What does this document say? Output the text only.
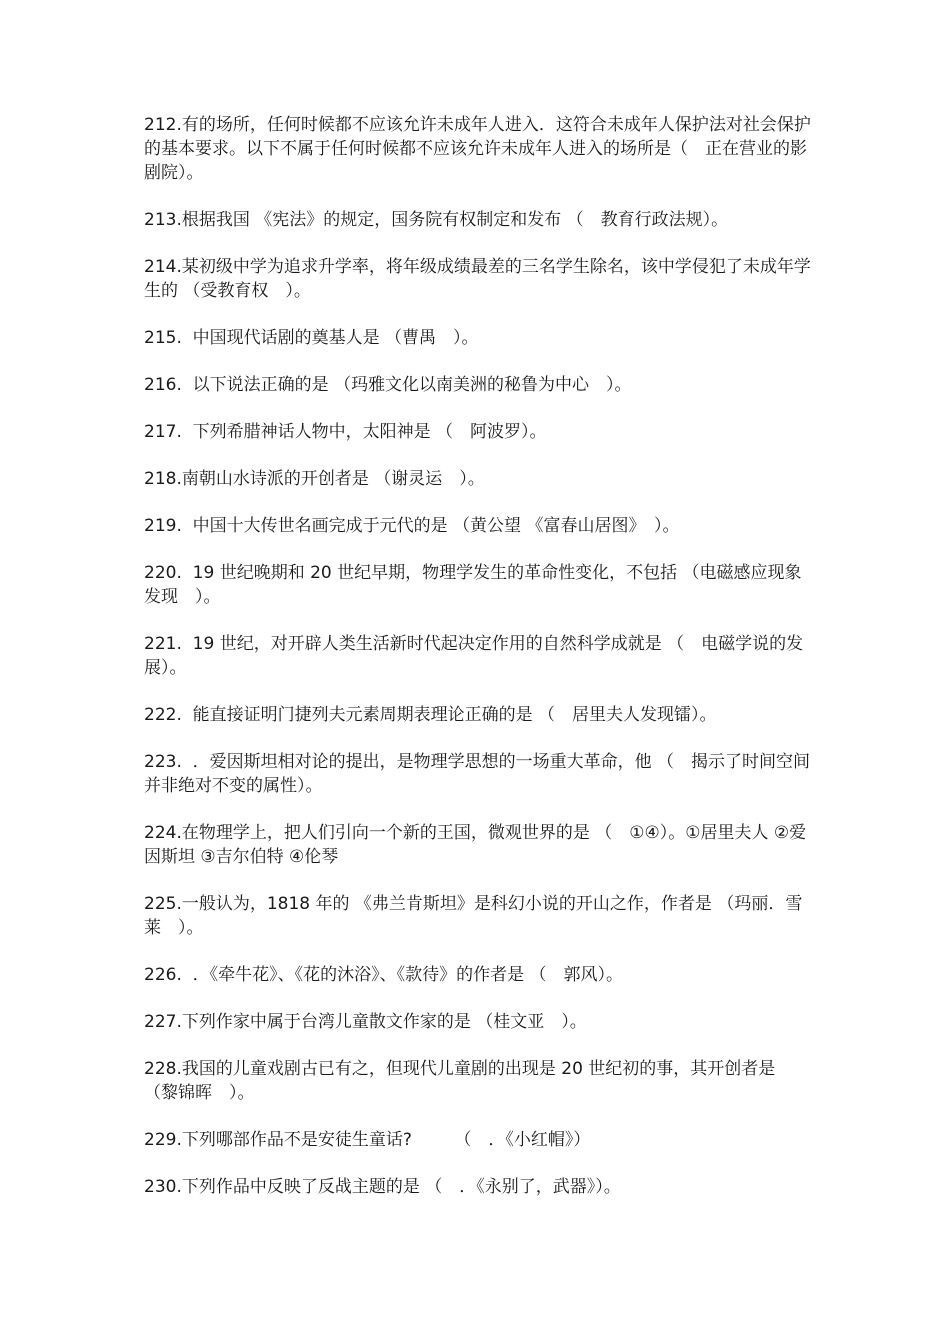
212.有的场所，任何时候都不应该允许未成年人进入．这符合未成年人保护法对社会保护的基本要求。以下不属于任何时候都不应该允许未成年人进入的场所是（　正在营业的影剧院）。

213.根据我国 《宪法》的规定，国务院有权制定和发布 （　教育行政法规）。

214.某初级中学为追求升学率，将年级成绩最差的三名学生除名，该中学侵犯了未成年学生的 （受教育权　）。

215.  中国现代话剧的奠基人是 （曹禺　）。

216.  以下说法正确的是 （玛雅文化以南美洲的秘鲁为中心　）。

217.  下列希腊神话人物中，太阳神是 （　阿波罗）。

218.南朝山水诗派的开创者是 （谢灵运　）。

219.  中国十大传世名画完成于元代的是 （黄公望 《富春山居图》　）。

220.  19 世纪晚期和 20 世纪早期，物理学发生的革命性变化，不包括 （电磁感应现象发现　）。

221.  19 世纪，对开辟人类生活新时代起决定作用的自然科学成就是 （　电磁学说的发展）。

222.  能直接证明门捷列夫元素周期表理论正确的是 （　居里夫人发现镭）。

223.  ．爱因斯坦相对论的提出，是物理学思想的一场重大革命，他 （　揭示了时间空间并非绝对不变的属性）。

224.在物理学上，把人们引向一个新的王国，微观世界的是 （　①④）。①居里夫人 ②爱因斯坦 ③吉尔伯特 ④伦琴

225.一般认为，1818 年的 《弗兰肯斯坦》是科幻小说的开山之作，作者是 （玛丽．雪莱　）。

226.  ．《牵牛花》、《花的沐浴》、《款待》的作者是 （　郭风）。

227.下列作家中属于台湾儿童散文作家的是 （桂文亚　）。

228.我国的儿童戏剧古已有之，但现代儿童剧的出现是 20 世纪初的事，其开创者是 （黎锦晖　）。

229.下列哪部作品不是安徒生童话?　　　（　．《小红帽》）

230.下列作品中反映了反战主题的是 （　．《永别了，武器》）。
